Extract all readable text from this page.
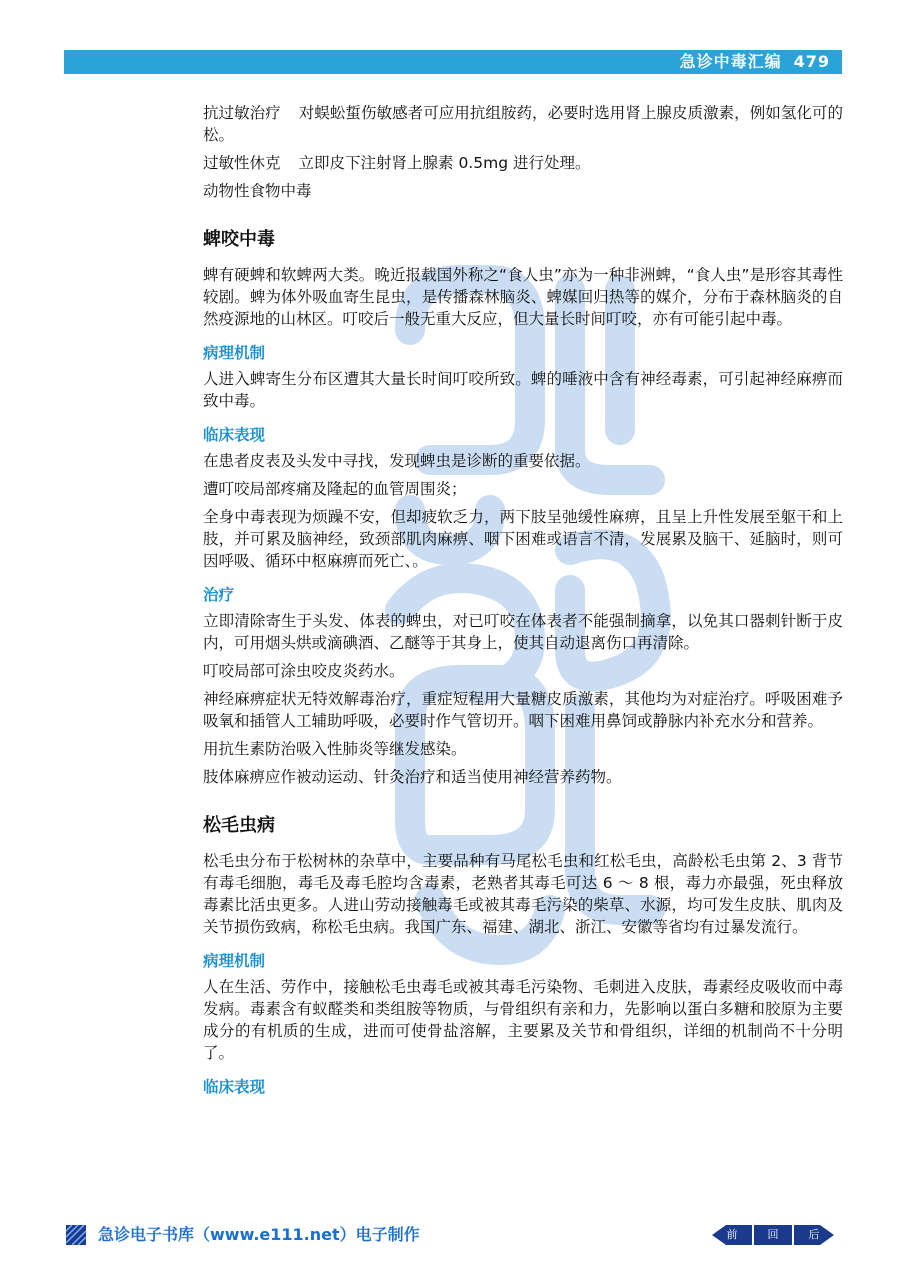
急诊中毒汇编 479

抗过敏治疗 对蜈蚣蜇伤敏感者可应用抗组胺药，必要时选用肾上腺皮质激素，例如氢化可的松。

过敏性休克 立即皮下注射肾上腺素 0.5mg 进行处理。

动物性食物中毒

蜱咬中毒

蜱有硬蜱和软蜱两大类。晚近报载国外称之“食人虫”亦为一种非洲蜱，“食人虫”是形容其毒性较剧。蜱为体外吸血寄生昆虫，是传播森林脑炎、蜱媒回归热等的媒介，分布于森林脑炎的自然疫源地的山林区。叮咬后一般无重大反应，但大量长时间叮咬，亦有可能引起中毒。

病理机制

人进入蜱寄生分布区遭其大量长时间叮咬所致。蜱的唾液中含有神经毒素，可引起神经麻痹而致中毒。

临床表现

在患者皮表及头发中寻找，发现蜱虫是诊断的重要依据。

遭叮咬局部疼痛及隆起的血管周围炎；

全身中毒表现为烦躁不安，但却疲软乏力，两下肢呈弛缓性麻痹，且呈上升性发展至躯干和上肢，并可累及脑神经，致颈部肌肉麻痹、咽下困难或语言不清，发展累及脑干、延脑时，则可因呼吸、循环中枢麻痹而死亡、。

治疗

立即清除寄生于头发、体表的蜱虫，对已叮咬在体表者不能强制摘拿，以免其口器刺针断于皮内，可用烟头烘或滴碘酒、乙醚等于其身上，使其自动退离伤口再清除。

叮咬局部可涂虫咬皮炎药水。

神经麻痹症状无特效解毒治疗，重症短程用大量糖皮质激素，其他均为对症治疗。呼吸困难予吸氧和插管人工辅助呼吸，必要时作气管切开。咽下困难用鼻饲或静脉内补充水分和营养。

用抗生素防治吸入性肺炎等继发感染。

肢体麻痹应作被动运动、针灸治疗和适当使用神经营养药物。

松毛虫病

松毛虫分布于松树林的杂草中，主要品种有马尾松毛虫和红松毛虫，高龄松毛虫第 2、3 背节有毒毛细胞，毒毛及毒毛腔均含毒素，老熟者其毒毛可达 6 ～ 8 根，毒力亦最强，死虫释放毒素比活虫更多。人进山劳动接触毒毛或被其毒毛污染的柴草、水源，均可发生皮肤、肌肉及关节损伤致病，称松毛虫病。我国广东、福建、湖北、浙江、安徽等省均有过暴发流行。

病理机制

人在生活、劳作中，接触松毛虫毒毛或被其毒毛污染物、毛刺进入皮肤，毒素经皮吸收而中毒发病。毒素含有蚁醛类和类组胺等物质，与骨组织有亲和力，先影响以蛋白多糖和胶原为主要成分的有机质的生成，进而可使骨盐溶解，主要累及关节和骨组织，详细的机制尚不十分明了。

临床表现
急诊电子书库（www.e111.net）电子制作	前	回	后
